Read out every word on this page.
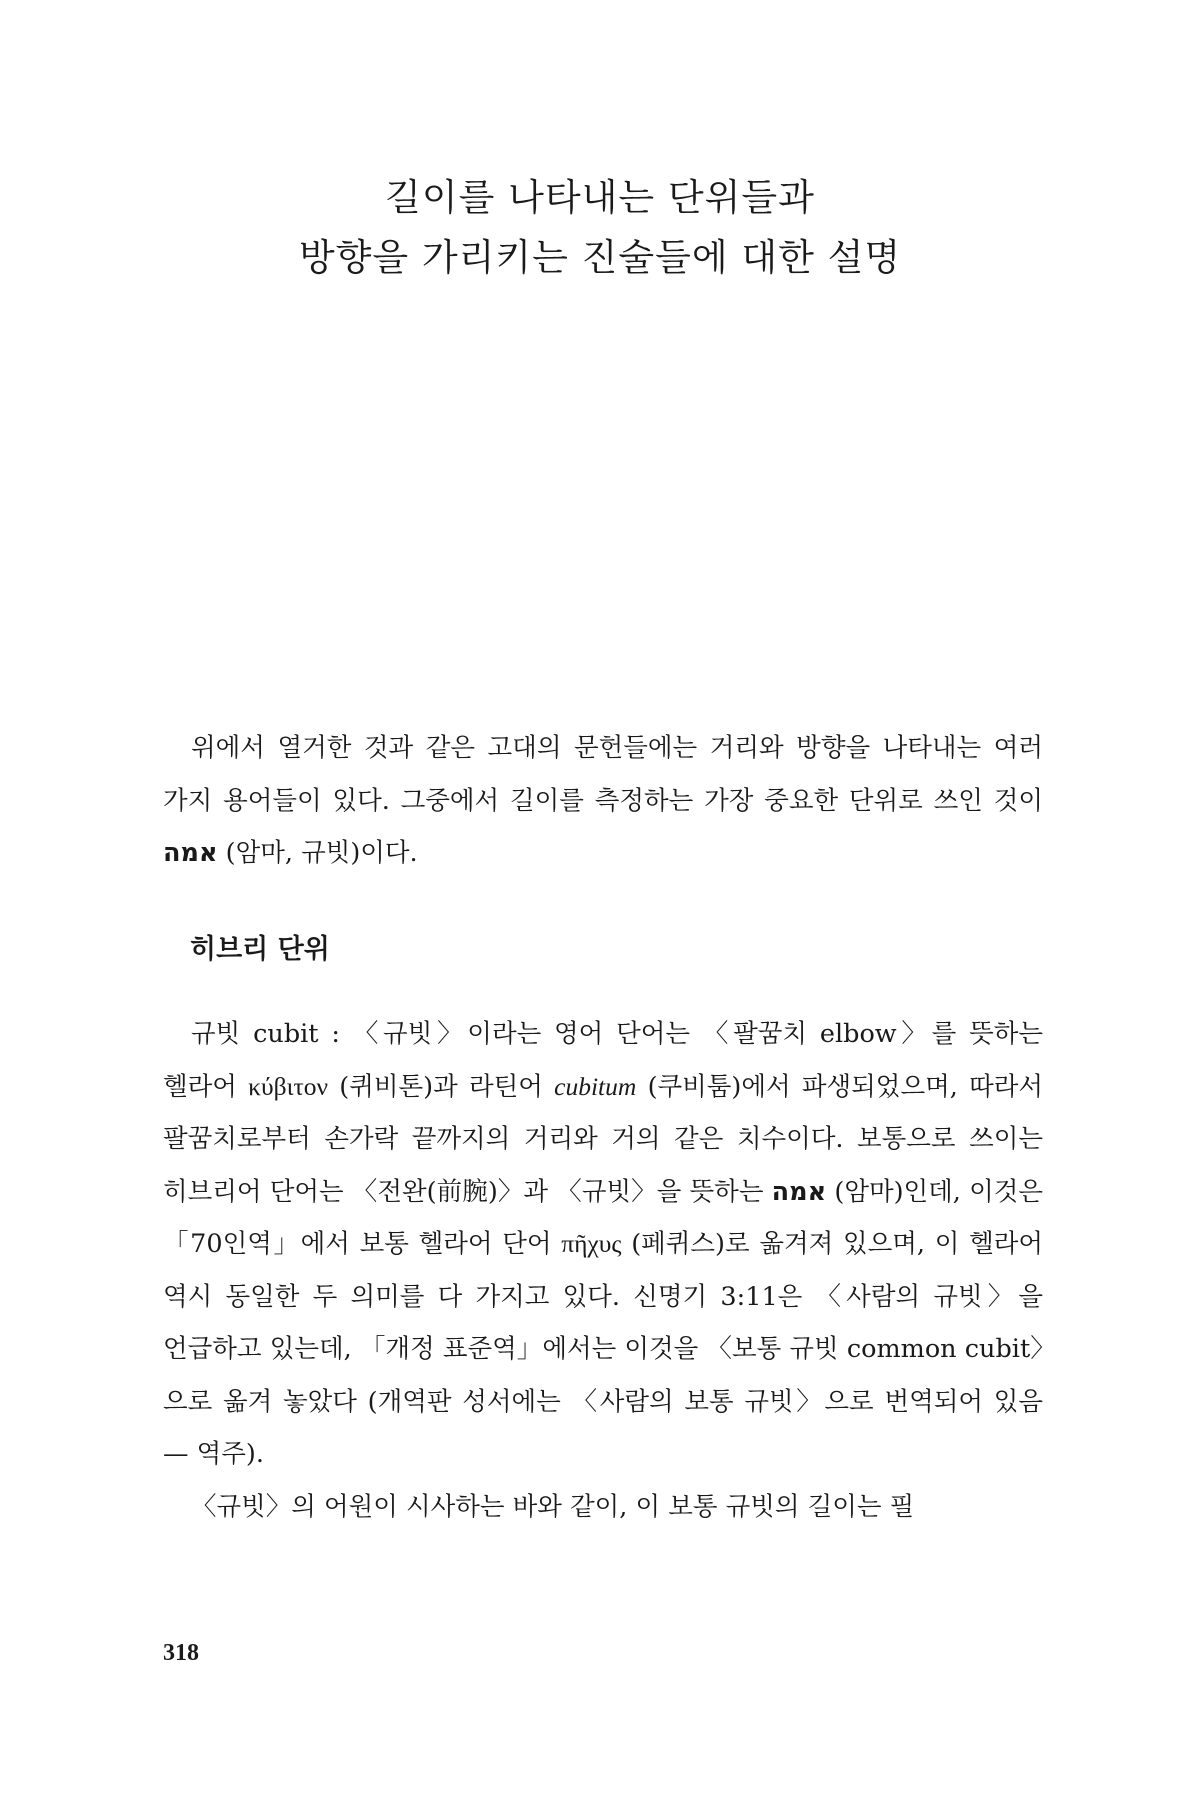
길이를 나타내는 단위들과
방향을 가리키는 진술들에 대한 설명

위에서 열거한 것과 같은 고대의 문헌들에는 거리와 방향을 나타내는 여러 가지 용어들이 있다. 그중에서 길이를 측정하는 가장 중요한 단위로 쓰인 것이 אמה (암마, 규빗)이다.

히브리 단위

규빗 cubit : 〈규빗〉이라는 영어 단어는 〈팔꿈치 elbow〉를 뜻하는 헬라어 κύβιτον (퀴비톤)과 라틴어 cubitum (쿠비툼)에서 파생되었으며, 따라서 팔꿈치로부터 손가락 끝까지의 거리와 거의 같은 치수이다. 보통으로 쓰이는 히브리어 단어는 〈전완(前腕)〉과 〈규빗〉을 뜻하는 אמה (암마)인데, 이것은 「70인역」에서 보통 헬라어 단어 πῆχυς (페퀴스)로 옮겨져 있으며, 이 헬라어 역시 동일한 두 의미를 다 가지고 있다. 신명기 3:11은 〈사람의 규빗〉을 언급하고 있는데, 「개정 표준역」에서는 이것을 〈보통 규빗 common cubit〉으로 옮겨 놓았다 (개역판 성서에는 〈사람의 보통 규빗〉으로 번역되어 있음 — 역주).

〈규빗〉의 어원이 시사하는 바와 같이, 이 보통 규빗의 길이는 필

318
